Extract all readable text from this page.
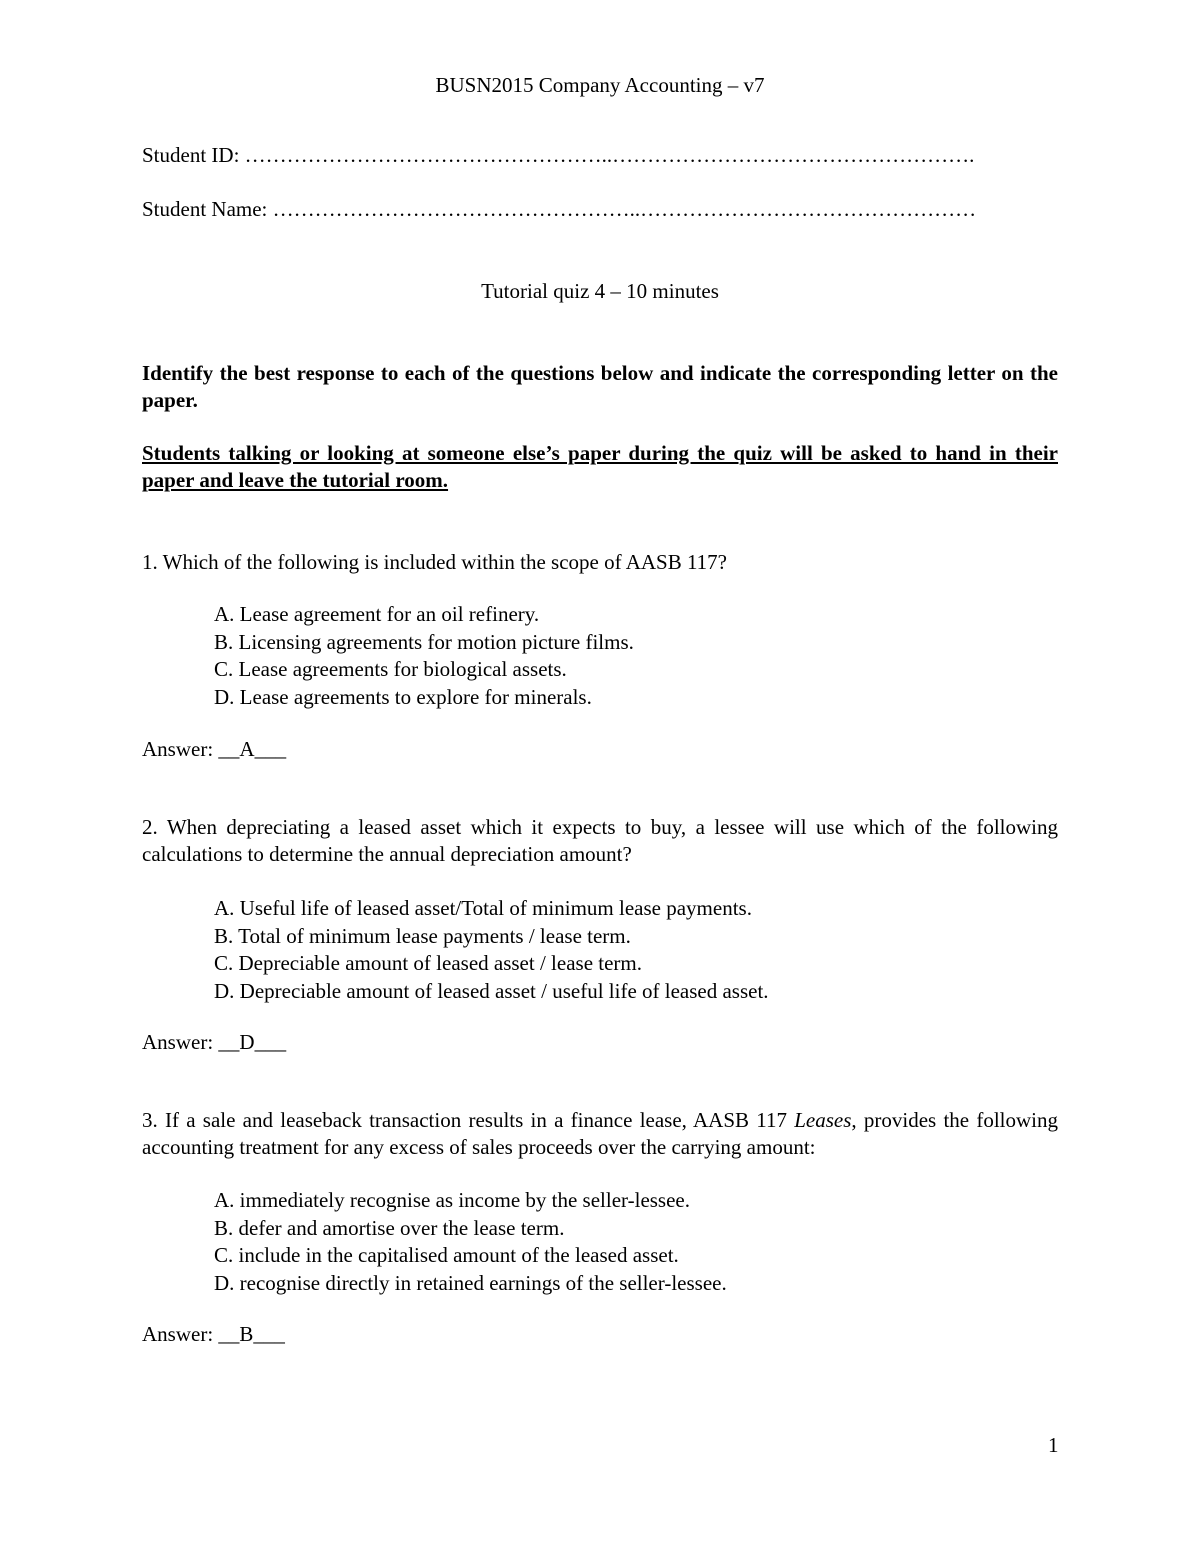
BUSN2015 Company Accounting – v7
Student ID: ……………………………………………..…………………………………………….
Student Name: ……………………………………………..…………………………………………
Tutorial quiz 4 – 10 minutes
Identify the best response to each of the questions below and indicate the corresponding letter on the paper.
Students talking or looking at someone else’s paper during the quiz will be asked to hand in their paper and leave the tutorial room.
1. Which of the following is included within the scope of AASB 117?
A. Lease agreement for an oil refinery.
B. Licensing agreements for motion picture films.
C. Lease agreements for biological assets.
D. Lease agreements to explore for minerals.
Answer: __A___
2. When depreciating a leased asset which it expects to buy, a lessee will use which of the following calculations to determine the annual depreciation amount?
A. Useful life of leased asset/Total of minimum lease payments.
B. Total of minimum lease payments / lease term.
C. Depreciable amount of leased asset / lease term.
D. Depreciable amount of leased asset / useful life of leased asset.
Answer: __D___
3. If a sale and leaseback transaction results in a finance lease, AASB 117 Leases, provides the following accounting treatment for any excess of sales proceeds over the carrying amount:
A. immediately recognise as income by the seller-lessee.
B. defer and amortise over the lease term.
C. include in the capitalised amount of the leased asset.
D. recognise directly in retained earnings of the seller-lessee.
Answer: __B___
1
